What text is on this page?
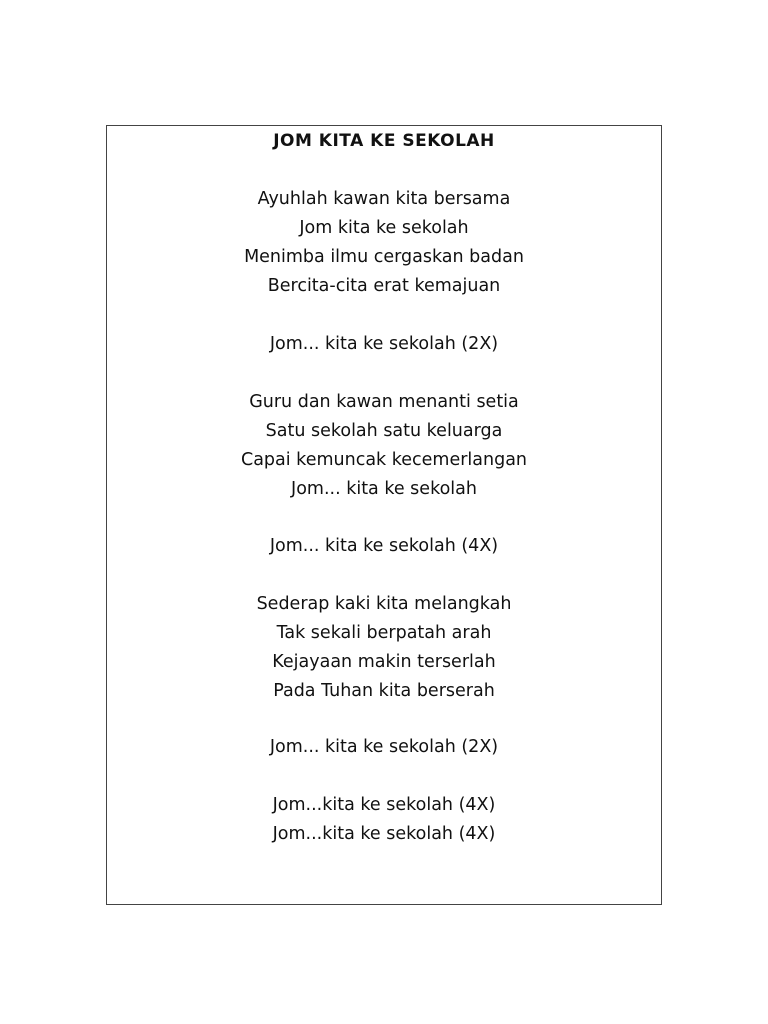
JOM KITA KE SEKOLAH
Ayuhlah kawan kita bersama
Jom kita ke sekolah
Menimba ilmu cergaskan badan
Bercita-cita erat kemajuan
Jom... kita ke sekolah (2X)
Guru dan kawan menanti setia
Satu sekolah satu keluarga
Capai kemuncak kecemerlangan
Jom... kita ke sekolah
Jom... kita ke sekolah (4X)
Sederap kaki kita melangkah
Tak sekali berpatah arah
Kejayaan makin terserlah
Pada Tuhan kita berserah
Jom... kita ke sekolah (2X)
Jom...kita ke sekolah (4X)
Jom...kita ke sekolah (4X)
